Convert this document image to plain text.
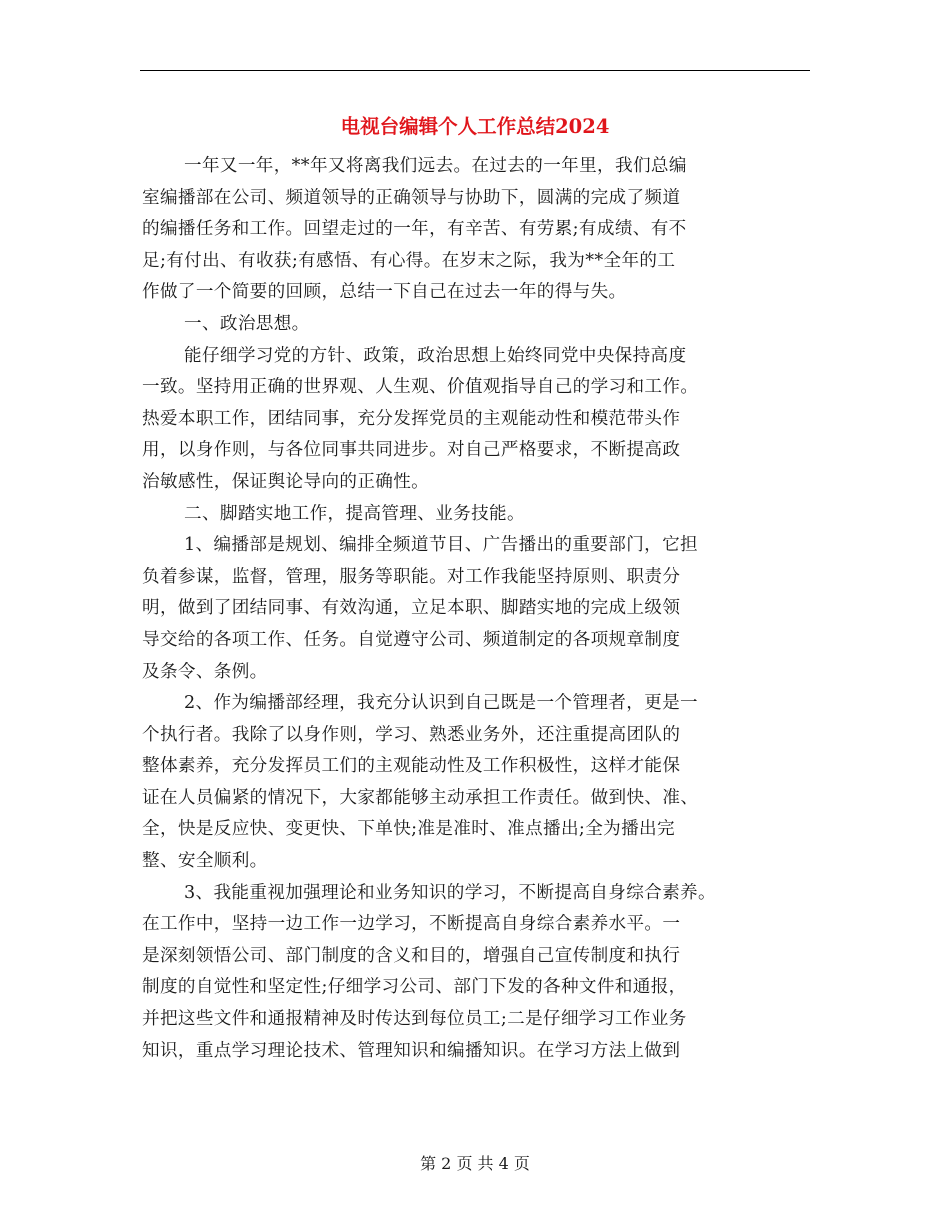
电视台编辑个人工作总结2024
一年又一年，**年又将离我们远去。在过去的一年里，我们总编
室编播部在公司、频道领导的正确领导与协助下，圆满的完成了频道
的编播任务和工作。回望走过的一年，有辛苦、有劳累;有成绩、有不
足;有付出、有收获;有感悟、有心得。在岁末之际，我为**全年的工
作做了一个简要的回顾，总结一下自己在过去一年的得与失。
一、政治思想。
能仔细学习党的方针、政策，政治思想上始终同党中央保持高度
一致。坚持用正确的世界观、人生观、价值观指导自己的学习和工作。
热爱本职工作，团结同事，充分发挥党员的主观能动性和模范带头作
用，以身作则，与各位同事共同进步。对自己严格要求，不断提高政
治敏感性，保证舆论导向的正确性。
二、脚踏实地工作，提高管理、业务技能。
1、编播部是规划、编排全频道节目、广告播出的重要部门，它担
负着参谋，监督，管理，服务等职能。对工作我能坚持原则、职责分
明，做到了团结同事、有效沟通，立足本职、脚踏实地的完成上级领
导交给的各项工作、任务。自觉遵守公司、频道制定的各项规章制度
及条令、条例。
2、作为编播部经理，我充分认识到自己既是一个管理者，更是一
个执行者。我除了以身作则，学习、熟悉业务外，还注重提高团队的
整体素养，充分发挥员工们的主观能动性及工作积极性，这样才能保
证在人员偏紧的情况下，大家都能够主动承担工作责任。做到快、准、
全，快是反应快、变更快、下单快;准是准时、准点播出;全为播出完
整、安全顺利。
3、我能重视加强理论和业务知识的学习，不断提高自身综合素养。
在工作中，坚持一边工作一边学习，不断提高自身综合素养水平。一
是深刻领悟公司、部门制度的含义和目的，增强自己宣传制度和执行
制度的自觉性和坚定性;仔细学习公司、部门下发的各种文件和通报，
并把这些文件和通报精神及时传达到每位员工;二是仔细学习工作业务
知识，重点学习理论技术、管理知识和编播知识。在学习方法上做到
第 2 页 共 4 页
